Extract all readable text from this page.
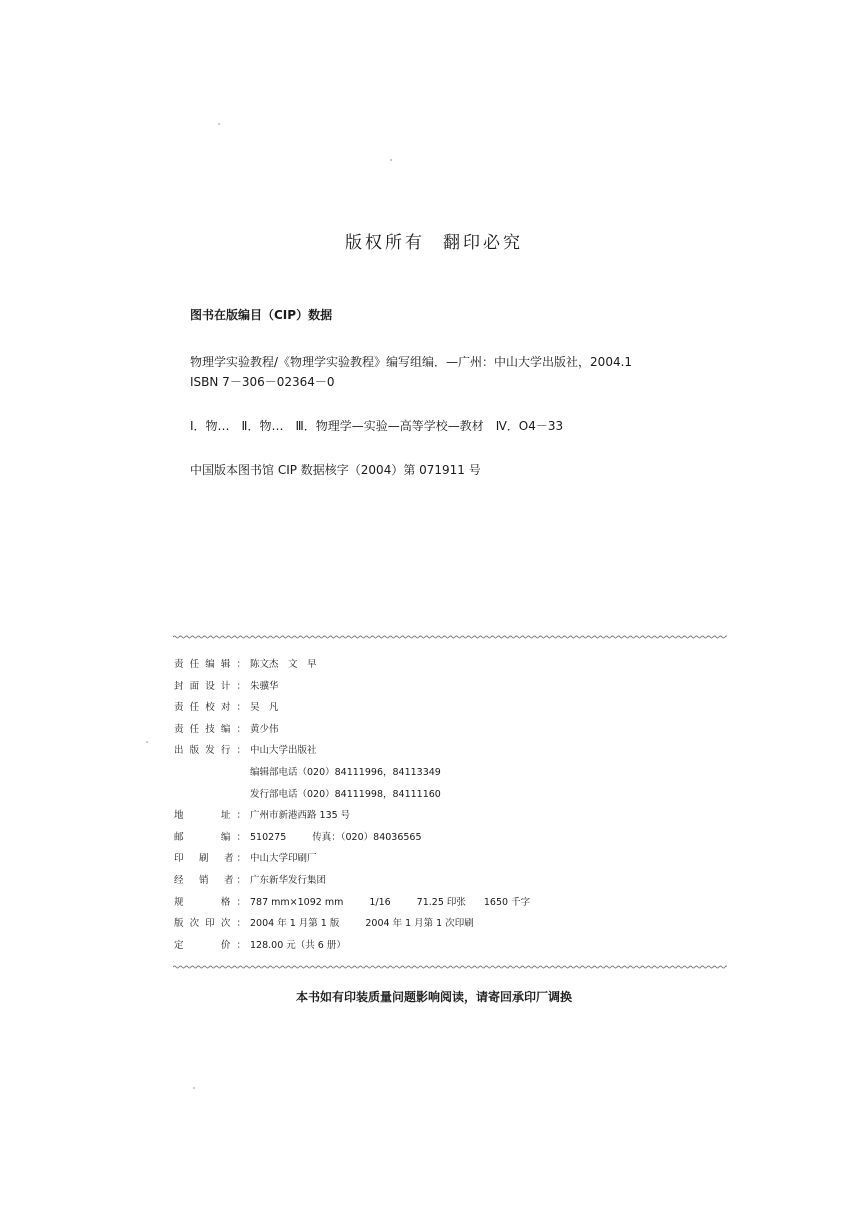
版权所有 翻印必究
图书在版编目（CIP）数据
物理学实验教程/《物理学实验教程》编写组编．—广州：中山大学出版社，2004.1
ISBN 7－306－02364－0
Ⅰ．物…　Ⅱ．物…　Ⅲ．物理学—实验—高等学校—教材　Ⅳ．O4－33
中国版本图书馆 CIP 数据核字（2004）第 071911 号
责任编辑： 陈文杰　文　早
封面设计： 朱骥华
责任校对： 吴　凡
责任技编： 黄少伟
出版发行： 中山大学出版社
编辑部电话（020）84111996，84113349
发行部电话（020）84111998，84111160
地　　址： 广州市新港西路 135 号
邮　　编： 510275	传真：（020）84036565
印　刷　者： 中山大学印刷厂
经　销　者： 广东新华发行集团
规　　格： 787 mm×1092 mm	1/16	71.25 印张 1650 千字
版次印次： 2004 年 1 月第 1 版	2004 年 1 月第 1 次印刷
定　　价： 128.00 元（共 6 册）
本书如有印装质量问题影响阅读，请寄回承印厂调换
